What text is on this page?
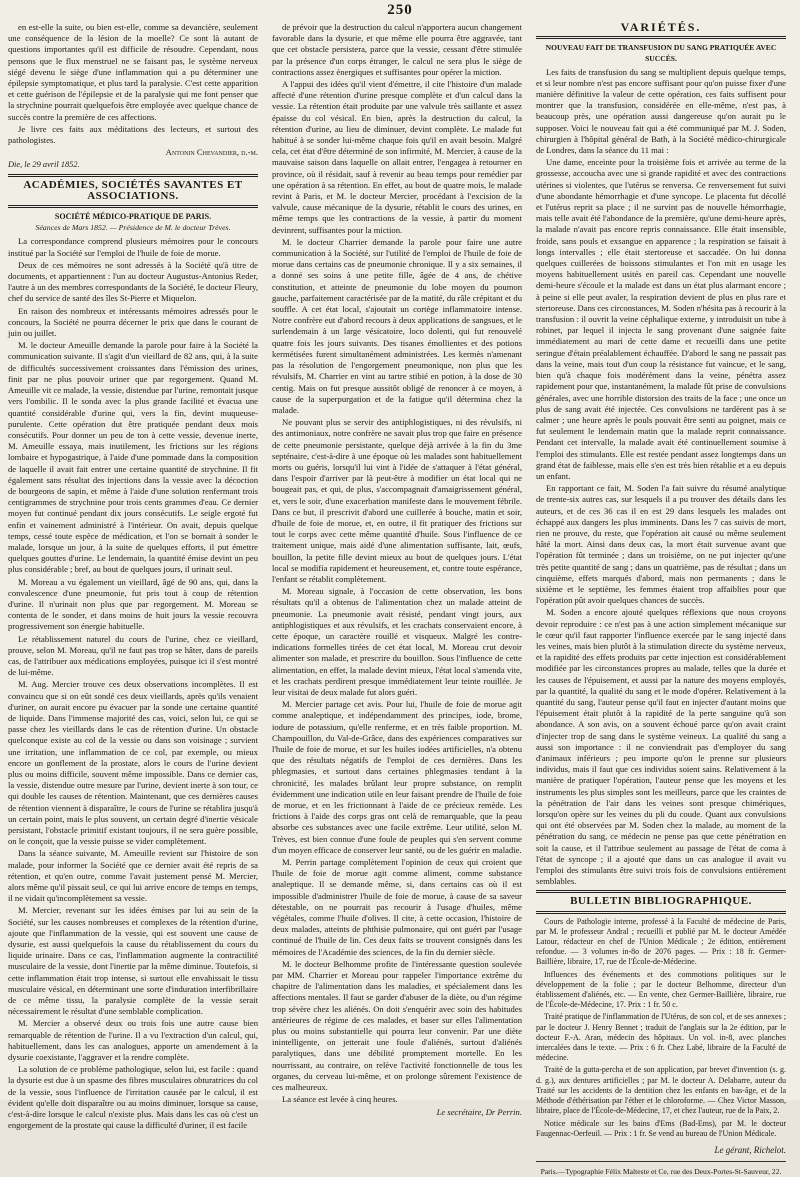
250

en est-elle la suite, ou bien est-elle, comme sa devancière, seulement une conséquence de la lésion de la moelle? Ce sont là autant de questions importantes qu'il est difficile de résoudre. Cependant, nous pensons que le flux menstruel ne se faisant pas, le système nerveux siégé devenu le siège d'une inflammation qui a pu déterminer une épilepsie symptomatique, et plus tard la paralysie. C'est cette apparition et cette guérison de l'épilepsie et de la paralysie qui me font penser que la strychnine pourrait quelquefois être employée avec quelque chance de succès contre la première de ces affections.

Je livre ces faits aux méditations des lecteurs, et surtout des pathologistes.

Antonin Chevandier, d.-m.
Die, le 29 avril 1852.
ACADÉMIES, SOCIÉTÉS SAVANTES ET ASSOCIATIONS.
SOCIÉTÉ MÉDICO-PRATIQUE DE PARIS.
Séances de Mars 1852. — Présidence de M. le docteur Trèves.

La correspondance comprend plusieurs mémoires pour le concours institué par la Société sur l'emploi de l'huile de foie de morue.

Deux de ces mémoires ne sont adressés à la Société qu'à titre de documents, et appartiennent : l'un au docteur Augustus-Antonius Reder, l'autre à un des membres correspondants de la Société, le docteur Fleury, chef du service de santé des îles St-Pierre et Miquelon.

En raison des nombreux et intéressants mémoires adressés pour le concours, la Société ne pourra décerner le prix que dans le courant de juin ou juillet.

M. le docteur Ameuille demande la parole pour faire à la Société la communication suivante. Il s'agit d'un vieillard de 82 ans, qui, à la suite de difficultés successivement croissantes dans l'émission des urines, finit par ne plus pouvoir uriner que par regorgement. Quand M. Ameuille vit ce malade, la vessie, distendue par l'urine, remontait jusque vers l'ombilic. Il le sonda avec la plus grande facilité et évacua une quantité considérable d'urine qui, vers la fin, devint muqueuse-purulente. Cette opération dut être pratiquée pendant deux mois consécutifs. Pour donner un peu de ton à cette vessie, devenue inerte, M. Ameuille essaya, mais inutilement, les frictions sur les régions lombaire et hypogastrique, à l'aide d'une pommade dans la composition de laquelle il avait fait entrer une certaine quantité de strychnine. Il fit également sans résultat des injections dans la vessie avec la décoction de bourgeons de sapin, et même à l'aide d'une solution renfermant trois centigrammes de strychnine pour trois cents grammes d'eau. Ce dernier moyen fut continué pendant dix jours consécutifs. Le seigle ergoté fut enfin et vainement administré à l'intérieur. On avait, depuis quelque temps, cessé toute espèce de médication, et l'on se bornait à sonder le malade, lorsque un jour, à la suite de quelques efforts, il put émettre quelques gouttes d'urine. Le lendemain, la quantité émise devint un peu plus considérable ; bref, au bout de quelques jours, il urinait seul.

M. Moreau a vu également un vieillard, âgé de 90 ans, qui, dans la convalescence d'une pneumonie, fut pris tout à coup de rétention d'urine. Il n'urinait non plus que par regorgement. M. Moreau se contenta de le sonder, et dans moins de huit jours la vessie recouvra progressivement son énergie habituelle.

Le rétablissement naturel du cours de l'urine, chez ce vieillard, prouve, selon M. Moreau, qu'il ne faut pas trop se hâter, dans de pareils cas, de l'attribuer aux médications employées, puisque ici il s'est montré de lui-même.

M. Aug. Mercier trouve ces deux observations incomplètes. Il est convaincu que si on eût sondé ces deux vieillards, après qu'ils venaient d'uriner, on aurait encore pu évacuer par la sonde une certaine quantité de liquide. Dans l'immense majorité des cas, voici, selon lui, ce qui se passe chez les vieillards dans le cas de rétention d'urine. Un obstacle quelconque existe au col de la vessie ou dans son voisinage ; survient une irritation, une inflammation de ce col, par exemple, ou mieux encore un gonflement de la prostate, alors le cours de l'urine devient plus ou moins difficile, souvent même impossible. Dans ce dernier cas, la vessie, distendue outre mesure par l'urine, devient inerte à son tour, ce qui double les causes de rétention. Maintenant, que ces dernières causes de rétention viennent à disparaître, le cours de l'urine se rétablira jusqu'à un certain point, mais le plus souvent, un certain degré d'inertie vésicale persistant, l'obstacle primitif existant toujours, il ne sera guère possible, on le conçoit, que la vessie puisse se vider complètement.

Dans la séance suivante, M. Ameuille revient sur l'histoire de son malade, pour informer la Société que ce dernier avait été repris de sa rétention, et qu'en outre, comme l'avait justement pensé M. Mercier, alors même qu'il pissait seul, ce qui lui arrive encore de temps en temps, il ne vidait qu'incomplètement sa vessie.

M. Mercier, revenant sur les idées émises par lui au sein de la Société, sur les causes nombreuses et complexes de la rétention d'urine, ajoute que l'inflammation de la vessie, qui est souvent une cause de dysurie, est aussi quelquefois la cause du rétablissement du cours du liquide urinaire. Dans ce cas, l'inflammation augmente la contractilité musculaire de la vessie, dont l'inertie par la même diminue. Toutefois, si cette inflammation était trop intense, si surtout elle envahissait le tissu musculaire vésical, en déterminant une sorte d'induration interfibrillaire de ce même tissu, la paralysie complète de la vessie serait nécessairement le résultat d'une semblable complication.

M. Mercier a observé deux ou trois fois une autre cause bien remarquable de rétention de l'urine. Il a vu l'extraction d'un calcul, qui, habituellement, dans les cas analogues, apporte un amendement à la dysurie coexistante, l'aggraver et la rendre complète.

La solution de ce problème pathologique, selon lui, est facile : quand la dysurie est due à un spasme des fibres musculaires obturatrices du col de la vessie, sous l'influence de l'irritation causée par le calcul, il est évident qu'elle doit disparaître ou au moins diminuer, lorsque sa cause, c'est-à-dire lorsque le calcul n'existe plus. Mais dans les cas où c'est un engorgement de la prostate qui cause la difficulté d'uriner, il est facile

de prévoir que la destruction du calcul n'apportera aucun changement favorable dans la dysurie, et que même elle pourra être aggravée, tant que cet obstacle persistera, parce que la vessie, cessant d'être stimulée par la présence d'un corps étranger, le calcul ne sera plus le siège de contractions assez énergiques et suffisantes pour opérer la miction.

A l'appui des idées qu'il vient d'émettre, il cite l'histoire d'un malade affecté d'une rétention d'urine presque complète et d'un calcul dans la vessie. La rétention était produite par une valvule très saillante et assez épaisse du col vésical. En bien, après la destruction du calcul, la rétention d'urine, au lieu de diminuer, devint complète. Le malade fut habitué à se sonder lui-même chaque fois qu'il en avait besoin. Malgré cela, cet état d'être déterminé de son infirmité, M. Mercier, à cause de la mauvaise saison dans laquelle on allait entrer, l'engagea à retourner en province, où il résidait, sauf à revenir au beau temps pour remédier par une opération à sa rétention. En effet, au bout de quatre mois, le malade revint à Paris, et M. le docteur Mercier, procédant à l'excision de la valvule, cause mécanique de la dysurie, rétablit le cours des urines, en même temps que les contractions de la vessie, à partir du moment devinrent, suffisantes pour la miction.

M. le docteur Charrier demande la parole pour faire une autre communication à la Société, sur l'utilité de l'emploi de l'huile de foie de morue dans certains cas de pneumonie chronique. Il y a six semaines, il a donné ses soins à une petite fille, âgée de 4 ans, de chétive constitution, et atteinte de pneumonie du lobe moyen du poumon gauche, parfaitement caractérisée par de la matité, du râle crépitant et du souffle. A cet état local, s'ajoutait un cortège inflammatoire intense. Notre confrère eut d'abord recours à deux applications de sangsues, et le surlendemain à un large vésicatoire, loco dolenti, qui fut renouvelé quatre fois les jours suivants. Des tisanes émollientes et des potions kermétisées furent simultanément administrées. Les kermès n'amenant pas la résolution de l'engorgement pneumonique, non plus que les révulsifs, M. Charrier en vint au tartre stibié en potion, à la dose de 30 centig. Mais on fut presque aussitôt obligé de renoncer à ce moyen, à cause de la superpurgation et de la fatigue qu'il détermina chez la malade.

Ne pouvant plus se servir des antiphlogistiques, ni des révulsifs, ni des antimoniaux, notre confrère ne savait plus trop que faire en présence de cette pneumonie persistante, quelque déjà arrivée à la fin du 3me septénaire, c'est-à-dire à une époque où les malades sont habituellement morts ou guéris, lorsqu'il lui vint à l'idée de s'attaquer à l'état général, dans l'espoir d'arriver par là peut-être à modifier un état local qui ne bougeait pas, et qui, de plus, s'accompagnait d'amaigrissement général, et, vers le soir, d'une exacerbation manifeste dans le mouvement fébrile. Dans ce but, il prescrivit d'abord une cuillerée à bouche, matin et soir, d'huile de foie de morue, et, en outre, il fit pratiquer des frictions sur tout le corps avec cette même quantité d'huile. Sous l'influence de ce traitement unique, mais aidé d'une alimentation suffisante, lait, œufs, bouillon, la petite fille devint mieux au bout de quelques jours. L'état local se modifia rapidement et heureusement, et, contre toute espérance, l'enfant se rétablit complètement.

M. Moreau signale, à l'occasion de cette observation, les bons résultats qu'il a obtenus de l'alimentation chez un malade atteint de pneumonie. La pneumonie avait résisté, pendant vingt jours, aux antiphlogistiques et aux révulsifs, et les crachats conservaient encore, à cette époque, un caractère rouillé et visqueux. Malgré les contre-indications formelles tirées de cet état local, M. Moreau crut devoir alimenter son malade, et prescrire du bouillon. Sous l'influence de cette alimentation, en effet, la malade devint mieux, l'état local s'amenda vite, et les crachats perdirent presque immédiatement leur teinte rouillée. Je leur visitai de deux malade fut alors guéri.

M. Mercier partage cet avis. Pour lui, l'huile de foie de morue agit comme analeptique, et indépendamment des principes, iode, brome, iodure de potassium, qu'elle renferme, et en très faible proportion. M. Champouillon, du Val-de-Grâce, dans des expériences comparatives sur l'huile de foie de morue, et sur les huiles iodées artificielles, n'a obtenu que des résultats négatifs de l'emploi de ces dernières. Dans les phlegmasies, et surtout dans certaines phlegmasies tendant à la chronicité, les malades brûlant leur propre substance, on remplit évidemment une indication utile en leur faisant prendre de l'huile de foie de morue, et en les frictionnant à l'aide de ce précieux remède. Les frictions à l'aide des corps gras ont celà de remarquable, que la peau absorbe ces substances avec une facile extrême. Leur utilité, selon M. Trèves, est bien connue d'une foule de peuples qui s'en servent comme d'un moyen efficace de conserver leur santé, ou de les guérir en maladie.

M. Perrin partage complètement l'opinion de ceux qui croient que l'huile de foie de morue agit comme aliment, comme substance analeptique. Il se demande même, si, dans certains cas où il est impossible d'administrer l'huile de foie de morue, à cause de sa saveur détestable, on ne pourrait pas recourir à l'usage d'huiles, même végétales, comme l'huile d'olives. Il cite, à cette occasion, l'histoire de deux malades, atteints de phthisie pulmonaire, qui ont guéri par l'usage continué de l'huile de lin. Ces deux faits se trouvent consignés dans les mémoires de l'Académie des sciences, de la fin du dernier siècle.

M. le docteur Belhomme profite de l'intéressante question soulevée par MM. Charrier et Moreau pour rappeler l'importance extrême du chapitre de l'alimentation dans les maladies, et spécialement dans les affections mentales. Il faut se garder d'abuser de la diète, ou d'un régime trop sévère chez les aliénés. On doit s'enquérir avec soin des habitudes antérieures de régime de ces malades, et baser sur elles l'alimentation plus ou moins substantielle qui pourra leur convenir. Par une diète inintelligente, on jetterait une foule d'aliénés, surtout d'aliénés paralytiques, dans une débilité promptement mortelle. En les nourrissant, au contraire, on relève l'activité fonctionnelle de tous les organes, du cerveau lui-même, et on prolonge sûrement l'existence de ces malheureux.

La séance est levée à cinq heures.

Le secrétaire, Dr Perrin.
VARIÉTÉS.
NOUVEAU FAIT DE TRANSFUSION DU SANG PRATIQUÉE AVEC SUCCÈS.

Les faits de transfusion du sang se multiplient depuis quelque temps, et si leur nombre n'est pas encore suffisant pour qu'on puisse fixer d'une manière définitive la valeur de cette opération, ces faits suffisent pour montrer que la transfusion, considérée en elle-même, n'est pas, à beaucoup près, une opération aussi dangereuse qu'on aurait pu le supposer. Voici le nouveau fait qui a été communiqué par M. J. Soden, chirurgien à l'hôpital général de Bath, à la Société médico-chirurgicale de Londres, dans la séance du 11 mai :

Une dame, enceinte pour la troisième fois et arrivée au terme de la grossesse, accoucha avec une si grande rapidité et avec des contractions utérines si violentes, que l'utérus se renversa. Ce renversement fut suivi d'une abondante hémorrhagie et d'une syncope. Le placenta fut décollé et l'utérus reprit sa place ; il ne survint pas de nouvelle hémorrhagie, mais telle avait été l'abondance de la première, qu'une demi-heure après, la malade n'avait pas encore repris connaissance. Elle était insensible, froide, sans pouls et exsangue en apparence ; la respiration se faisait à longs intervalles ; elle était stertoreuse et saccadée. On lui donna quelques cuillerées de boissons stimulantes et l'on mit en usage les moyens habituellement usités en pareil cas. Cependant une nouvelle demi-heure s'écoule et la malade est dans un état plus alarmant encore ; à peine si elle peut avaler, la respiration devient de plus en plus rare et stertoreuse. Dans ces circonstances, M. Soden n'hésita pas à recourir à la transfusion : il ouvrit la veine céphalique externe, y introduisit un tube à robinet, par lequel il injecta le sang provenant d'une saignée faite immédiatement au mari de cette dame et recueilli dans une petite seringue d'étain préalablement échauffée. D'abord le sang ne passait pas dans la veine, mais tout d'un coup la résistance fut vaincue, et le sang, bien qu'à chaque fois modérément dans la veine, pénétra assez rapidement pour que, instantanément, la malade fût prise de convulsions générales, avec une horrible distorsion des traits de la face ; une once un plus de sang avait été injectée. Ces convulsions ne tardèrent pas à se calmer ; une heure après le pouls pouvait être senti au poignet, mais ce fut seulement le lendemain matin que la malade reprit connaissance. Pendant cet intervalle, la malade avait été continuellement soumise à l'emploi des stimulants. Elle est restée pendant assez longtemps dans un grand état de faiblesse, mais elle s'en est très bien rétablie et a eu depuis un enfant.

En rapportant ce fait, M. Soden l'a fait suivre du résumé analytique de trente-six autres cas, sur lesquels il a pu trouver des détails dans les auteurs, et de ces 36 cas il en est 29 dans lesquels les malades ont échappé aux dangers les plus imminents. Dans les 7 cas suivis de mort, rien ne prouve, du reste, que l'opération ait causé ou même seulement hâté la mort. Ainsi dans deux cas, la mort était survenue avant que l'opération fût terminée ; dans un troisième, on ne put injecter qu'une très petite quantité de sang ; dans un quatrième, pas de résultat ; dans un cinquième, effets marqués d'abord, mais non permanents ; dans le sixième et le septième, les femmes étaient trop affaiblies pour que l'opération pût avoir quelques chances de succès.

M. Soden a encore ajouté quelques réflexions que nous croyons devoir reproduire : ce n'est pas à une action simplement mécanique sur le cœur qu'il faut rapporter l'influence exercée par le sang injecté dans les veines, mais bien plutôt à la stimulation directe du système nerveux, et la rapidité des effets produits par cette injection est considérablement modifiée par les circonstances propres au malade, telles que la durée et les causes de l'épuisement, et aussi par la nature des moyens employés, par la quantité, la qualité du sang et le mode d'opérer. Relativement à la quantité du sang, l'auteur pense qu'il faut en injecter d'autant moins que l'épuisement était plutôt à la rapidité de la perte sanguine qu'à son abondance. A son avis, on a souvent échoué parce qu'on avait craint d'injecter trop de sang dans le système veineux. La qualité du sang a aussi son importance : il ne conviendrait pas d'employer du sang d'animaux inférieurs ; peu importe qu'on le prenne sur plusieurs individus, mais il faut que ces individus soient sains. Relativement à la manière de pratiquer l'opération, l'auteur pense que les moyens et les instruments les plus simples sont les meilleurs, parce que les craintes de la pénétration de l'air dans les veines sont presque chimériques, lorsqu'on opère sur les veines du pli du coude. Quant aux convulsions qui ont été observées par M. Soden chez la malade, au moment de la pénétration du sang, ce médecin ne pense pas que cette pénétration en soit la cause, et il l'attribue seulement au passage de l'état de coma à l'état de syncope ; il a ajouté que dans un cas analogue il avait vu l'emploi des stimulants être suivi trois fois de convulsions entièrement semblables.

BULLETIN BIBLIOGRAPHIQUE.

Cours de Pathologie interne, professé à la Faculté de médecine de Paris, par M. le professeur Andral ; recueilli et publié par M. le docteur Amédée Latour, rédacteur en chef de l'Union Médicale ; 2e édition, entièrement refondue. — 3 volumes in-8o de 2076 pages. — Prix : 18 fr. Germer-Baillière, libraire, 17, rue de l'École-de-Médecine.

Influences des événements et des commotions politiques sur le développement de la folie ; par le docteur Belhomme, directeur d'un établissement d'aliénés, etc. — En vente, chez Germer-Baillière, libraire, rue de l'École-de-Médecine, 17. Prix : 1 fr. 50 c.

Traité pratique de l'inflammation de l'Utérus, de son col, et de ses annexes ; par le docteur J. Henry Bennet ; traduit de l'anglais sur la 2e édition, par le docteur F.-A. Aran, médecin des hôpitaux. Un vol. in-8, avec planches intercalées dans le texte. — Prix : 6 fr. Chez Labé, libraire de la Faculté de médecine.

Traité de la gutta-percha et de son application, par brevet d'invention (s. g. d. g.), aux dentures artificielles ; par M. le docteur A. Delabarre, auteur du Traité sur les accidents de la dentition chez les enfants en bas-âge, et de la Méthode d'éthérisation par l'éther et le chloroforme. — Chez Victor Masson, libraire, place de l'École-de-Médecine, 17, et chez l'auteur, rue de la Paix, 2.

Notice médicale sur les bains d'Ems (Bad-Ems), par M. le docteur Faugennac-Oerfeuil. — Prix : 1 fr. Se vend au bureau de l'Union Médicale.

Le gérant, Richelot.
Paris.—Typographie Félix Malteste et Ce, rue des Deux-Portes-St-Sauveur, 22.
